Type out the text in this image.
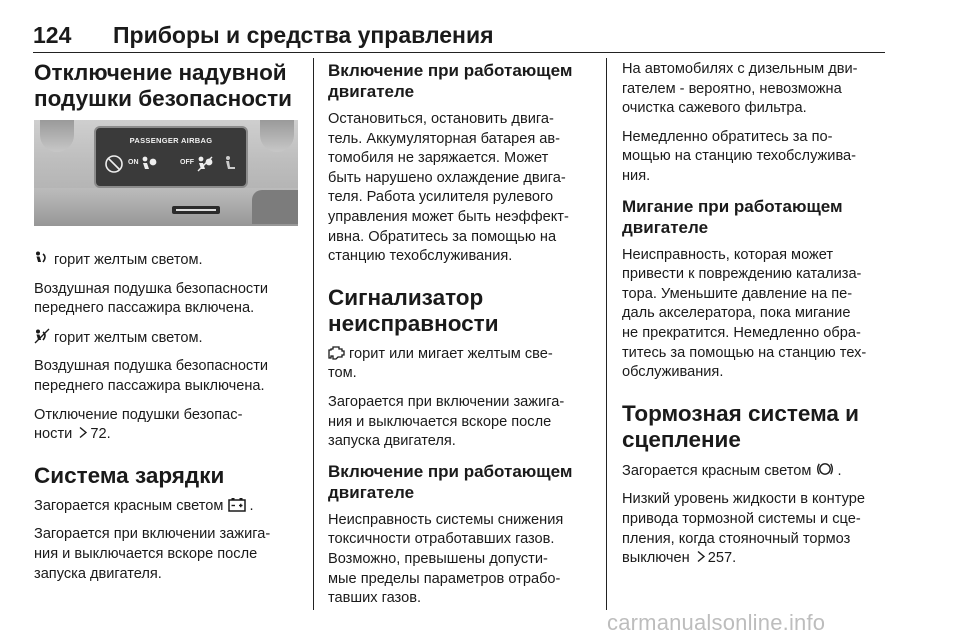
124 Приборы и средства управления
Отключение надувной
подушки безопасности
PASSENGER AIRBAG
ON	OFF
горит желтым светом.
Воздушная подушка безопасности
переднего пассажира включена.
горит желтым светом.
Воздушная подушка безопасности
переднего пассажира выключена.
Отключение подушки безопас-
ности 72.
Система зарядки
Загорается красным светом .
Загорается при включении зажига-
ния и выключается вскоре после
запуска двигателя.
Включение при работающем
двигателе
Остановиться, остановить двига-
тель. Аккумуляторная батарея ав-
томобиля не заряжается. Может
быть нарушено охлаждение двига-
теля. Работа усилителя рулевого
управления может быть неэффект-
ивна. Обратитесь за помощью на
станцию техобслуживания.
Сигнализатор
неисправности
горит или мигает желтым све-
том.
Загорается при включении зажига-
ния и выключается вскоре после
запуска двигателя.
Включение при работающем
двигателе
Неисправность системы снижения
токсичности отработавших газов.
Возможно, превышены допусти-
мые пределы параметров отрабо-
тавших газов.
На автомобилях с дизельным дви-
гателем - вероятно, невозможна
очистка сажевого фильтра.
Немедленно обратитесь за по-
мощью на станцию техобслужива-
ния.
Мигание при работающем
двигателе
Неисправность, которая может
привести к повреждению катализа-
тора. Уменьшите давление на пе-
даль акселератора, пока мигание
не прекратится. Немедленно обра-
титесь за помощью на станцию тех-
обслуживания.
Тормозная система и
сцепление
Загорается красным светом .
Низкий уровень жидкости в контуре
привода тормозной системы и сце-
пления, когда стояночный тормоз
выключен 257.
carmanualsonline.info
